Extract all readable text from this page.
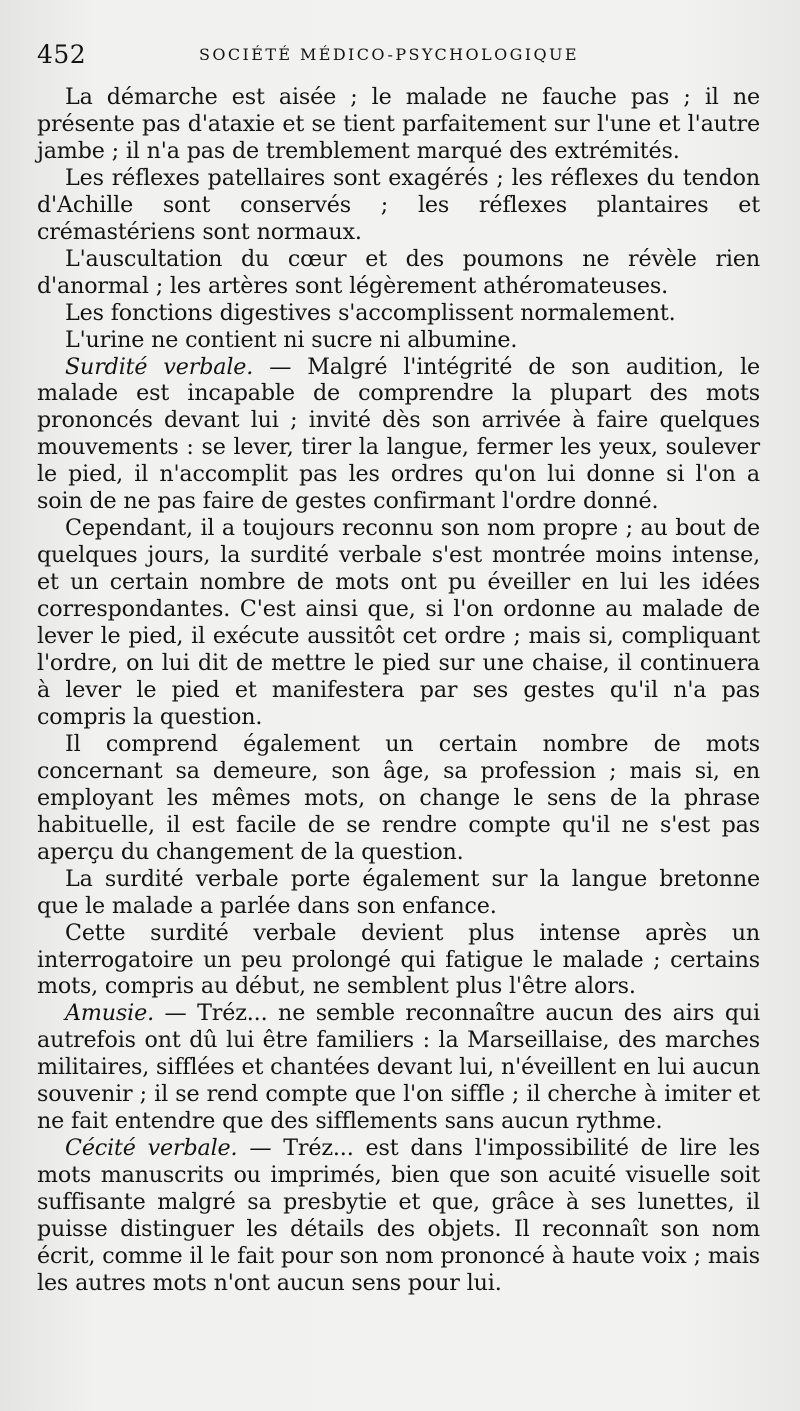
452	SOCIÉTÉ MÉDICO-PSYCHOLOGIQUE

La démarche est aisée ; le malade ne fauche pas ; il ne présente pas d'ataxie et se tient parfaitement sur l'une et l'autre jambe ; il n'a pas de tremblement marqué des extrémités.

Les réflexes patellaires sont exagérés ; les réflexes du tendon d'Achille sont conservés ; les réflexes plantaires et crémastériens sont normaux.

L'auscultation du cœur et des poumons ne révèle rien d'anormal ; les artères sont légèrement athéromateuses.

Les fonctions digestives s'accomplissent normalement.

L'urine ne contient ni sucre ni albumine.

Surdité verbale. — Malgré l'intégrité de son audition, le malade est incapable de comprendre la plupart des mots prononcés devant lui ; invité dès son arrivée à faire quelques mouvements : se lever, tirer la langue, fermer les yeux, soulever le pied, il n'accomplit pas les ordres qu'on lui donne si l'on a soin de ne pas faire de gestes confirmant l'ordre donné.

Cependant, il a toujours reconnu son nom propre ; au bout de quelques jours, la surdité verbale s'est montrée moins intense, et un certain nombre de mots ont pu éveiller en lui les idées correspondantes. C'est ainsi que, si l'on ordonne au malade de lever le pied, il exécute aussitôt cet ordre ; mais si, compliquant l'ordre, on lui dit de mettre le pied sur une chaise, il continuera à lever le pied et manifestera par ses gestes qu'il n'a pas compris la question.

Il comprend également un certain nombre de mots concernant sa demeure, son âge, sa profession ; mais si, en employant les mêmes mots, on change le sens de la phrase habituelle, il est facile de se rendre compte qu'il ne s'est pas aperçu du changement de la question.

La surdité verbale porte également sur la langue bretonne que le malade a parlée dans son enfance.

Cette surdité verbale devient plus intense après un interrogatoire un peu prolongé qui fatigue le malade ; certains mots, compris au début, ne semblent plus l'être alors.

Amusie. — Tréz... ne semble reconnaître aucun des airs qui autrefois ont dû lui être familiers : la Marseillaise, des marches militaires, sifflées et chantées devant lui, n'éveillent en lui aucun souvenir ; il se rend compte que l'on siffle ; il cherche à imiter et ne fait entendre que des sifflements sans aucun rythme.

Cécité verbale. — Tréz... est dans l'impossibilité de lire les mots manuscrits ou imprimés, bien que son acuité visuelle soit suffisante malgré sa presbytie et que, grâce à ses lunettes, il puisse distinguer les détails des objets. Il reconnaît son nom écrit, comme il le fait pour son nom prononcé à haute voix ; mais les autres mots n'ont aucun sens pour lui.
